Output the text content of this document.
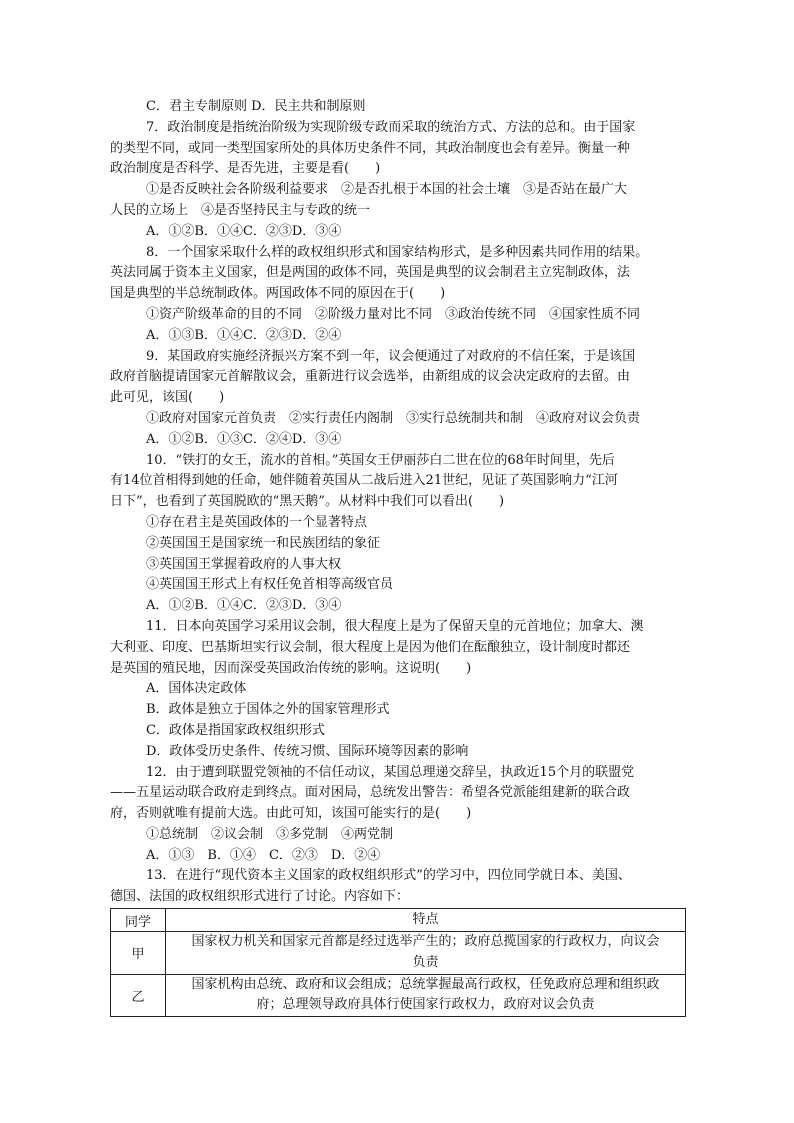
C．君主专制原则 D．民主共和制原则
7．政治制度是指统治阶级为实现阶级专政而采取的统治方式、方法的总和。由于国家
的类型不同，或同一类型国家所处的具体历史条件不同，其政治制度也会有差异。衡量一种
政治制度是否科学、是否先进，主要是看(　　)
①是否反映社会各阶级利益要求　②是否扎根于本国的社会土壤　③是否站在最广大
人民的立场上　④是否坚持民主与专政的统一
A．①②B．①④C．②③D．③④
8．一个国家采取什么样的政权组织形式和国家结构形式，是多种因素共同作用的结果。
英法同属于资本主义国家，但是两国的政体不同，英国是典型的议会制君主立宪制政体，法
国是典型的半总统制政体。两国政体不同的原因在于(　　)
①资产阶级革命的目的不同　②阶级力量对比不同　③政治传统不同　④国家性质不同
A．①③B．①④C．②③D．②④
9．某国政府实施经济振兴方案不到一年，议会便通过了对政府的不信任案，于是该国
政府首脑提请国家元首解散议会，重新进行议会选举，由新组成的议会决定政府的去留。由
此可见，该国(　　)
①政府对国家元首负责　②实行责任内阁制　③实行总统制共和制　④政府对议会负责
A．①②B．①③C．②④D．③④
10．“铁打的女王，流水的首相。”英国女王伊丽莎白二世在位的68年时间里，先后
有14位首相得到她的任命，她伴随着英国从二战后进入21世纪，见证了英国影响力“江河
日下”，也看到了英国脱欧的“黑天鹅”。从材料中我们可以看出(　　)
①存在君主是英国政体的一个显著特点
②英国国王是国家统一和民族团结的象征
③英国国王掌握着政府的人事大权
④英国国王形式上有权任免首相等高级官员
A．①②B．①④C．②③D．③④
11．日本向英国学习采用议会制，很大程度上是为了保留天皇的元首地位；加拿大、澳
大利亚、印度、巴基斯坦实行议会制，很大程度上是因为他们在酝酿独立，设计制度时都还
是英国的殖民地，因而深受英国政治传统的影响。这说明(　　)
A．国体决定政体
B．政体是独立于国体之外的国家管理形式
C．政体是指国家政权组织形式
D．政体受历史条件、传统习惯、国际环境等因素的影响
12．由于遭到联盟党领袖的不信任动议，某国总理递交辞呈，执政近15个月的联盟党
——五星运动联合政府走到终点。面对困局，总统发出警告：希望各党派能组建新的联合政
府，否则就唯有提前大选。由此可知，该国可能实行的是(　　)
①总统制　②议会制　③多党制　④两党制
A．①③　B．①④　C．②③　D．②④
13．在进行“现代资本主义国家的政权组织形式”的学习中，四位同学就日本、美国、
德国、法国的政权组织形式进行了讨论。内容如下：
同学	特点
甲	国家权力机关和国家元首都是经过选举产生的；政府总揽国家的行政权力，向议会
负责

乙	国家机构由总统、政府和议会组成；总统掌握最高行政权，任免政府总理和组织政
府；总理领导政府具体行使国家行政权力，政府对议会负责
